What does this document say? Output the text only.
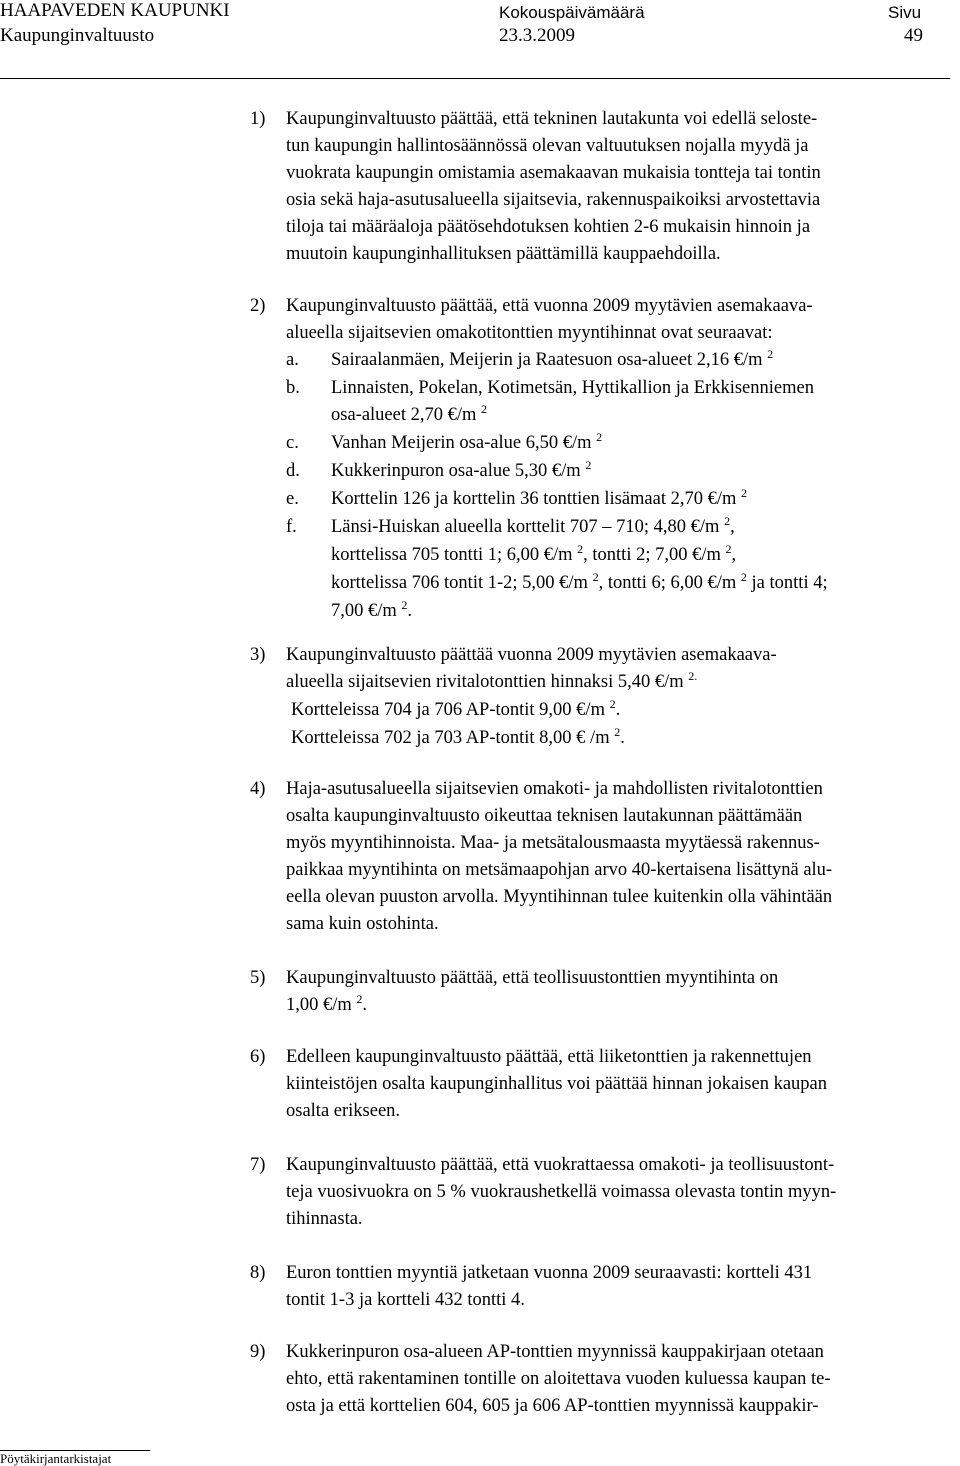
HAAPAVEDEN KAUPUNKI
Kaupunginvaltuusto
Kokouspäivämäärä
23.3.2009
Sivu
49
1) Kaupunginvaltuusto päättää, että tekninen lautakunta voi edellä seloste-
tun kaupungin hallintosäännössä olevan valtuutuksen nojalla myydä ja
vuokrata kaupungin omistamia asemakaavan mukaisia tontteja tai tontin
osia sekä haja-asutusalueella sijaitsevia, rakennuspaikoiksi arvostettavia
tiloja tai määräaloja päätösehdotuksen kohtien 2-6 mukaisin hinnoin ja
muutoin kaupunginhallituksen päättämillä kauppaehdoilla.
2) Kaupunginvaltuusto päättää, että vuonna 2009 myytävien asemakaava-
alueella sijaitsevien omakotitonttien myyntihinnat ovat seuraavat:
a. Sairaalanmäen, Meijerin ja Raatesuon osa-alueet 2,16 €/m $^2$
b. Linnaisten, Pokelan, Kotimetsän, Hyttikallion ja Erkkisenniemen
osa-alueet 2,70 €/m $^2$
c. Vanhan Meijerin osa-alue 6,50 €/m $^2$
d. Kukkerinpuron osa-alue 5,30 €/m $^2$
e. Korttelin 126 ja korttelin 36 tonttien lisämaat 2,70 €/m $^2$
f. Länsi-Huiskan alueella korttelit 707 – 710; 4,80 €/m $^2$,
korttelissa 705 tontti 1; 6,00 €/m $^2$, tontti 2; 7,00 €/m $^2$,
korttelissa 706 tontit 1-2; 5,00 €/m $^2$, tontti 6; 6,00 €/m $^2$ ja tontti 4;
7,00 €/m $^2$.
3) Kaupunginvaltuusto päättää vuonna 2009 myytävien asemakaava-
alueella sijaitsevien rivitalotonttien hinnaksi 5,40 €/m $^{2.}$
Kortteleissa 704 ja 706 AP-tontit 9,00 €/m $^2$.
Kortteleissa 702 ja 703 AP-tontit 8,00 € /m $^2$.
4) Haja-asutusalueella sijaitsevien omakoti- ja mahdollisten rivitalotonttien
osalta kaupunginvaltuusto oikeuttaa teknisen lautakunnan päättämään
myös myyntihinnoista. Maa- ja metsätalousmaasta myytäessä rakennus-
paikkaa myyntihinta on metsämaapohjan arvo 40-kertaisena lisättynä alu-
eella olevan puuston arvolla. Myyntihinnan tulee kuitenkin olla vähintään
sama kuin ostohinta.
5) Kaupunginvaltuusto päättää, että teollisuustonttien myyntihinta on
1,00 €/m $^2$.
6) Edelleen kaupunginvaltuusto päättää, että liiketonttien ja rakennettujen
kiinteistöjen osalta kaupunginhallitus voi päättää hinnan jokaisen kaupan
osalta erikseen.
7) Kaupunginvaltuusto päättää, että vuokrattaessa omakoti- ja teollisuustont-
teja vuosivuokra on 5 % vuokraushetkellä voimassa olevasta tontin myyn-
tihinnasta.
8) Euron tonttien myyntiä jatketaan vuonna 2009 seuraavasti: kortteli 431
tontit 1-3 ja kortteli 432 tontti 4.
9) Kukkerinpuron osa-alueen AP-tonttien myynnissä kauppakirjaan otetaan
ehto, että rakentaminen tontille on aloitettava vuoden kuluessa kaupan te-
osta ja että korttelien 604, 605 ja 606 AP-tonttien myynnissä kauppakir-
Pöytäkirjantarkistajat
